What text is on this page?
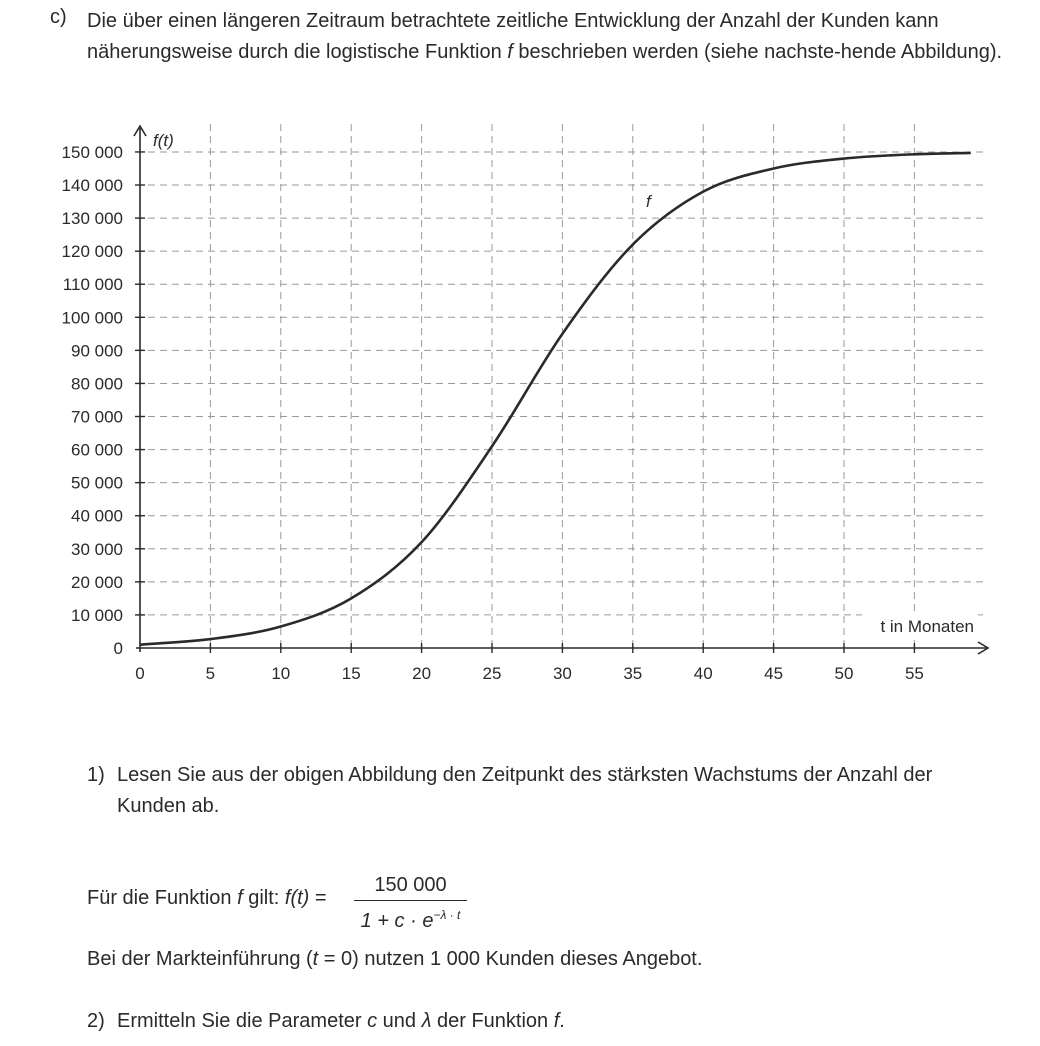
c) Die über einen längeren Zeitraum betrachtete zeitliche Entwicklung der Anzahl der Kunden kann näherungsweise durch die logistische Funktion f beschrieben werden (siehe nachste-hende Abbildung).
0
10 000
20 000
30 000
40 000
50 000
60 000
70 000
80 000
90 000
100 000
110 000
120 000
130 000
140 000
150 000
0	5	10	15	20	25	30	35	40	45	50	55
f(t)
t in Monaten
f
1) Lesen Sie aus der obigen Abbildung den Zeitpunkt des stärksten Wachstums der Anzahl der Kunden ab.
Für die Funktion f gilt: f(t) =
150 000
$1 + c \cdot e^{-\lambda \cdot t}$
Bei der Markteinführung (t = 0) nutzen 1 000 Kunden dieses Angebot.
2) Ermitteln Sie die Parameter c und λ der Funktion f.
